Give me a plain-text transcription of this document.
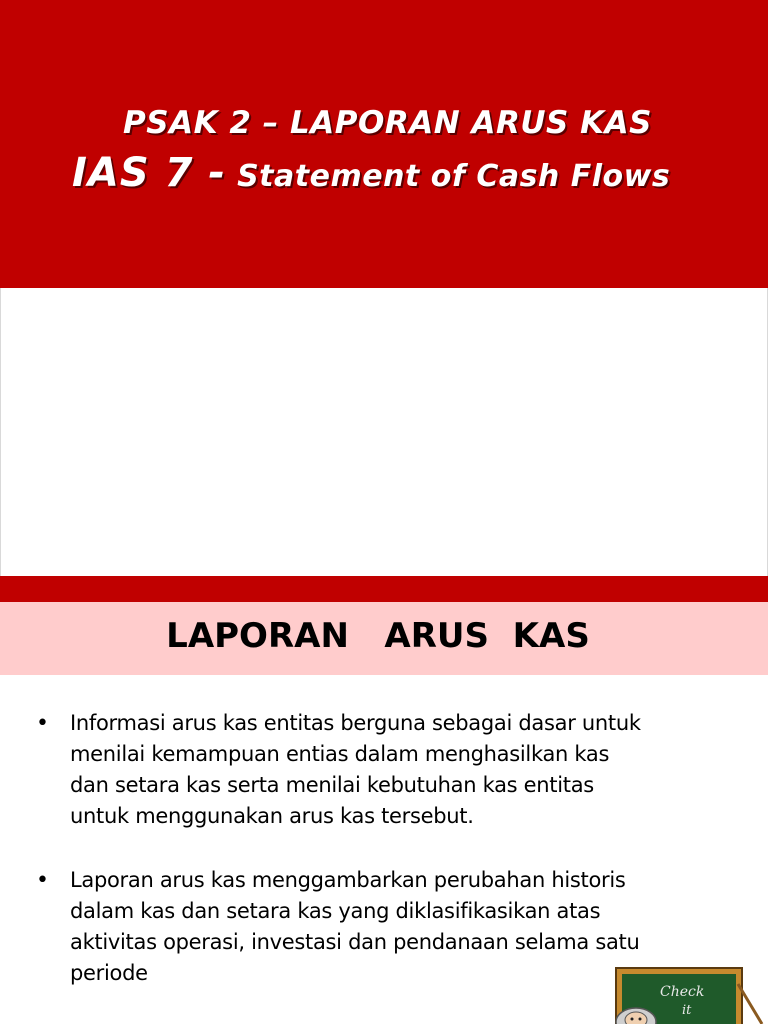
PSAK 2 – LAPORAN ARUS KAS
IAS 7 - Statement of Cash Flows
LAPORAN   ARUS  KAS
•	Informasi arus kas entitas berguna sebagai dasar untuk
menilai kemampuan entias dalam menghasilkan kas
dan setara kas serta menilai kebutuhan kas entitas
untuk menggunakan arus kas tersebut.
•	Laporan arus kas menggambarkan perubahan historis
dalam kas dan setara kas yang diklasifikasikan atas
aktivitas operasi, investasi dan pendanaan selama satu
periode
Check
it
